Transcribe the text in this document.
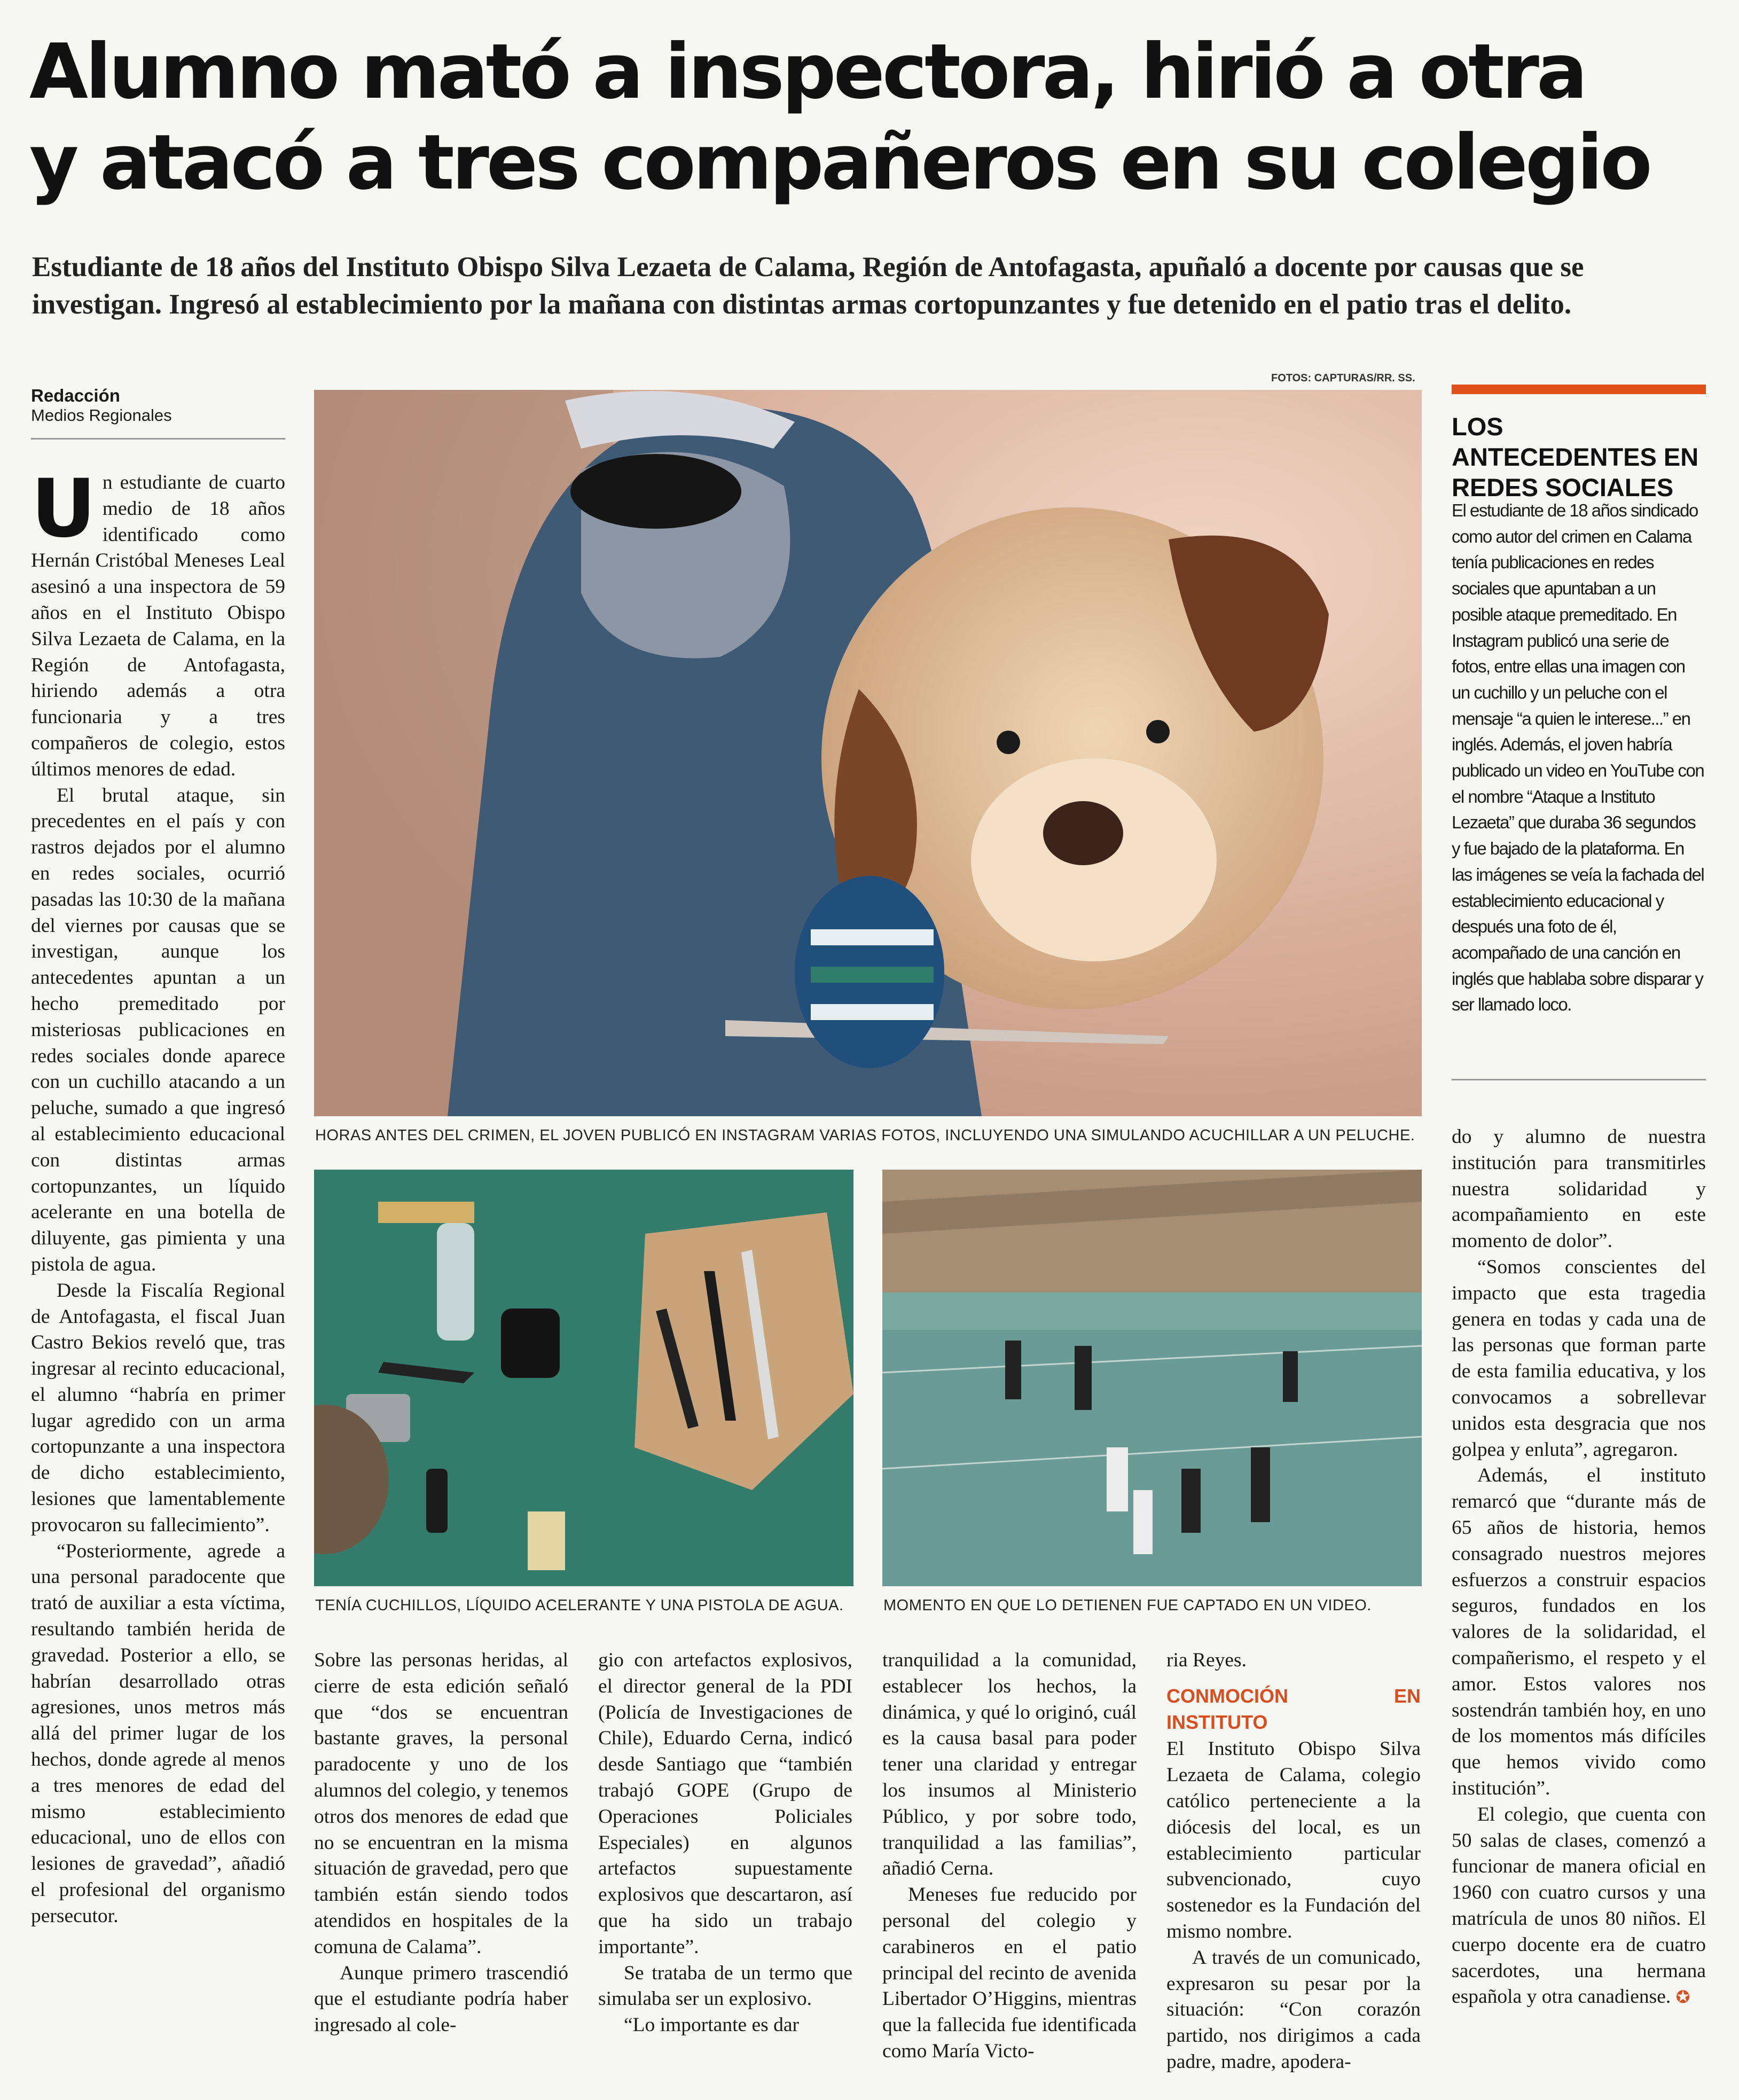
Alumno mató a inspectora, hirió a otra
y atacó a tres compañeros en su colegio

Estudiante de 18 años del Instituto Obispo Silva Lezaeta de Calama, Región de Antofagasta, apuñaló a docente por causas que se investigan. Ingresó al establecimiento por la mañana con distintas armas cortopunzantes y fue detenido en el patio tras el delito.

Redacción
Medios Regionales
FOTOS: CAPTURAS/RR. SS.

Un estudiante de cuarto medio de 18 años identificado como Hernán Cristóbal Meneses Leal asesinó a una inspectora de 59 años en el Instituto Obispo Silva Lezaeta de Calama, en la Región de Antofagasta, hiriendo además a otra funcionaria y a tres compañeros de colegio, estos últimos menores de edad.

El brutal ataque, sin precedentes en el país y con rastros dejados por el alumno en redes sociales, ocurrió pasadas las 10:30 de la mañana del viernes por causas que se investigan, aunque los antecedentes apuntan a un hecho premeditado por misteriosas publicaciones en redes sociales donde aparece con un cuchillo atacando a un peluche, sumado a que ingresó al establecimiento educacional con distintas armas cortopunzantes, un líquido acelerante en una botella de diluyente, gas pimienta y una pistola de agua.

Desde la Fiscalía Regional de Antofagasta, el fiscal Juan Castro Bekios reveló que, tras ingresar al recinto educacional, el alumno “habría en primer lugar agredido con un arma cortopunzante a una inspectora de dicho establecimiento, lesiones que lamentablemente provocaron su fallecimiento”.

“Posteriormente, agrede a una personal paradocente que trató de auxiliar a esta víctima, resultando también herida de gravedad. Posterior a ello, se habrían desarrollado otras agresiones, unos metros más allá del primer lugar de los hechos, donde agrede al menos a tres menores de edad del mismo establecimiento educacional, uno de ellos con lesiones de gravedad”, añadió el profesional del organismo persecutor.

HORAS ANTES DEL CRIMEN, EL JOVEN PUBLICÓ EN INSTAGRAM VARIAS FOTOS, INCLUYENDO UNA SIMULANDO ACUCHILLAR A UN PELUCHE.
TENÍA CUCHILLOS, LÍQUIDO ACELERANTE Y UNA PISTOLA DE AGUA.	MOMENTO EN QUE LO DETIENEN FUE CAPTADO EN UN VIDEO.

Sobre las personas heridas, al cierre de esta edición señaló que “dos se encuentran bastante graves, la personal paradocente y uno de los alumnos del colegio, y tenemos otros dos menores de edad que no se encuentran en la misma situación de gravedad, pero que también están siendo todos atendidos en hospitales de la comuna de Calama”.

Aunque primero trascendió que el estudiante podría haber ingresado al cole-

gio con artefactos explosivos, el director general de la PDI (Policía de Investigaciones de Chile), Eduardo Cerna, indicó desde Santiago que “también trabajó GOPE (Grupo de Operaciones Policiales Especiales) en algunos artefactos supuestamente explosivos que descartaron, así que ha sido un trabajo importante”.

Se trataba de un termo que simulaba ser un explosivo.

“Lo importante es dar

tranquilidad a la comunidad, establecer los hechos, la dinámica, y qué lo originó, cuál es la causa basal para poder tener una claridad y entregar los insumos al Ministerio Público, y por sobre todo, tranquilidad a las familias”, añadió Cerna.

Meneses fue reducido por personal del colegio y carabineros en el patio principal del recinto de avenida Libertador O’Higgins, mientras que la fallecida fue identificada como María Victo-

ria Reyes.

CONMOCIÓN EN INSTITUTO

El Instituto Obispo Silva Lezaeta de Calama, colegio católico perteneciente a la diócesis del local, es un establecimiento particular subvencionado, cuyo sostenedor es la Fundación del mismo nombre.

A través de un comunicado, expresaron su pesar por la situación: “Con corazón partido, nos dirigimos a cada padre, madre, apodera-

do y alumno de nuestra institución para transmitirles nuestra solidaridad y acompañamiento en este momento de dolor”.

“Somos conscientes del impacto que esta tragedia genera en todas y cada una de las personas que forman parte de esta familia educativa, y los convocamos a sobrellevar unidos esta desgracia que nos golpea y enluta”, agregaron.

Además, el instituto remarcó que “durante más de 65 años de historia, hemos consagrado nuestros mejores esfuerzos a construir espacios seguros, fundados en los valores de la solidaridad, el compañerismo, el respeto y el amor. Estos valores nos sostendrán también hoy, en uno de los momentos más difíciles que hemos vivido como institución”.

El colegio, que cuenta con 50 salas de clases, comenzó a funcionar de manera oficial en 1960 con cuatro cursos y una matrícula de unos 80 niños. El cuerpo docente era de cuatro sacerdotes, una hermana española y otra canadiense. ✪

LOS ANTECEDENTES EN REDES SOCIALES
El estudiante de 18 años sindicado como autor del crimen en Calama tenía publicaciones en redes sociales que apuntaban a un posible ataque premeditado. En Instagram publicó una serie de fotos, entre ellas una imagen con un cuchillo y un peluche con el mensaje “a quien le interese...” en inglés. Además, el joven habría publicado un video en YouTube con el nombre “Ataque a Instituto Lezaeta” que duraba 36 segundos y fue bajado de la plataforma. En las imágenes se veía la fachada del establecimiento educacional y después una foto de él, acompañado de una canción en inglés que hablaba sobre disparar y ser llamado loco.
